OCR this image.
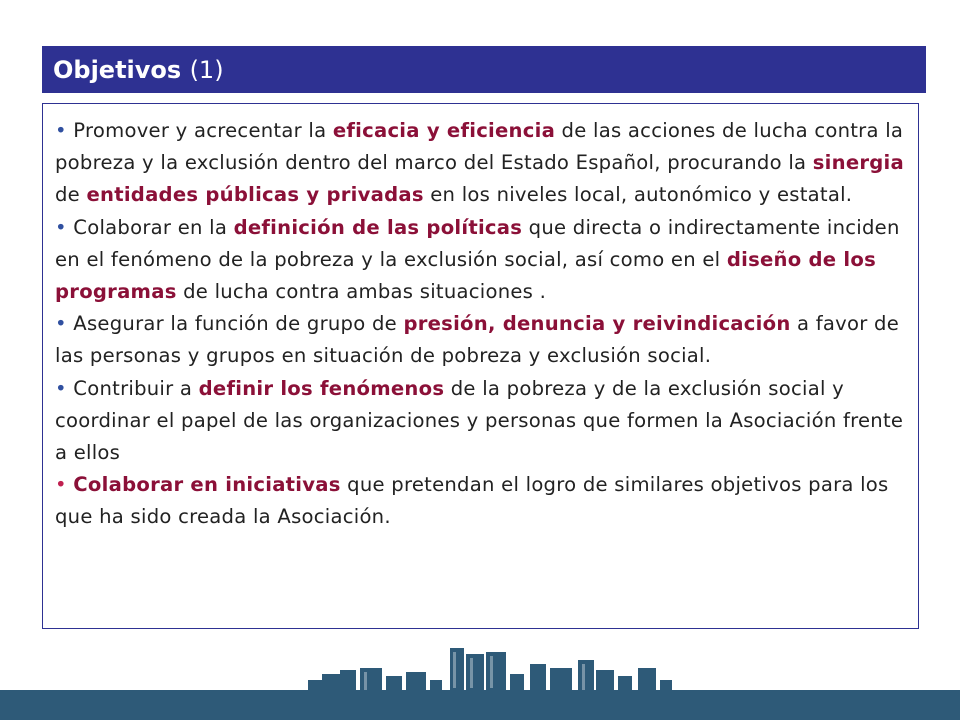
Objetivos (1)
• Promover y acrecentar la eficacia y eficiencia de las acciones de lucha contra la pobreza y la exclusión dentro del marco del Estado Español, procurando la sinergia de entidades públicas y privadas en los niveles local, autonómico y estatal.
• Colaborar en la definición de las políticas que directa o indirectamente inciden en el fenómeno de la pobreza y la exclusión social, así como en el diseño de los programas de lucha contra ambas situaciones .
• Asegurar la función de grupo de presión, denuncia y reivindicación a favor de las personas y grupos en situación de pobreza y exclusión social.
• Contribuir a definir los fenómenos de la pobreza y de la exclusión social y coordinar el papel de las organizaciones y personas que formen la Asociación frente a ellos
• Colaborar en iniciativas que pretendan el logro de similares objetivos para los que ha sido creada la Asociación.
